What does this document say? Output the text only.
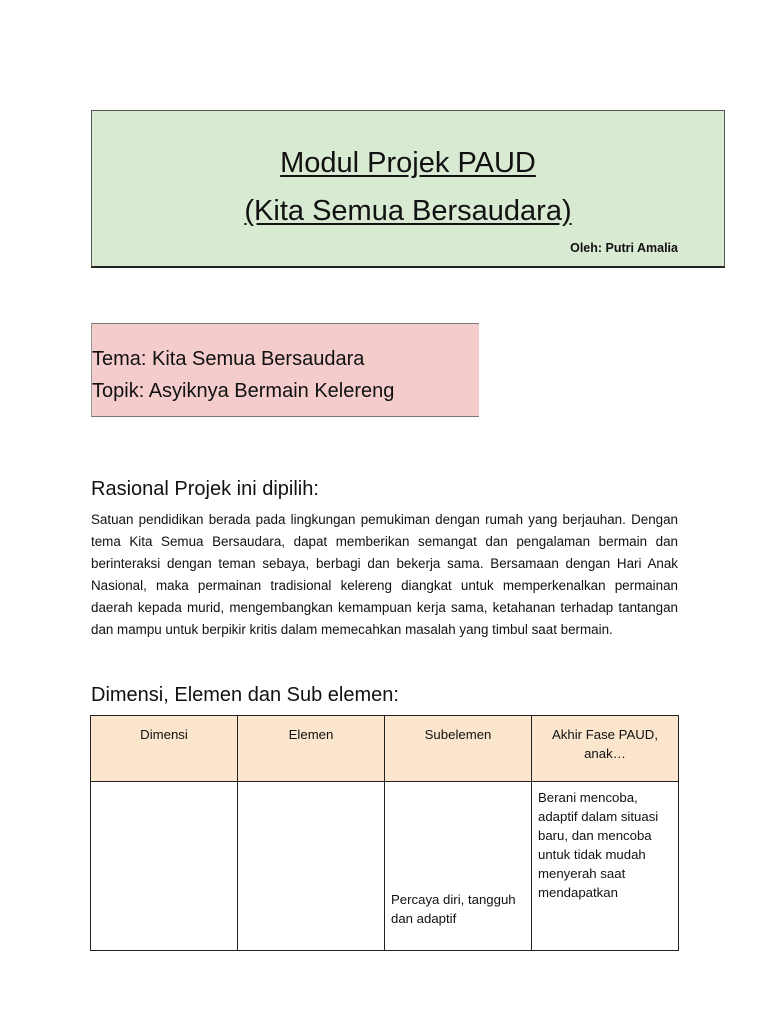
Modul Projek PAUD
(Kita Semua Bersaudara)
Oleh: Putri Amalia
Tema: Kita Semua Bersaudara
Topik: Asyiknya Bermain Kelereng
Rasional Projek ini dipilih:
Satuan pendidikan berada pada lingkungan pemukiman dengan rumah yang berjauhan. Dengan tema Kita Semua Bersaudara, dapat memberikan semangat dan pengalaman bermain dan berinteraksi dengan teman sebaya, berbagi dan bekerja sama. Bersamaan dengan Hari Anak Nasional, maka permainan tradisional kelereng diangkat untuk memperkenalkan permainan daerah kepada murid, mengembangkan kemampuan kerja sama, ketahanan terhadap tantangan dan mampu untuk berpikir kritis dalam memecahkan masalah yang timbul saat bermain.
Dimensi, Elemen dan Sub elemen:
Dimensi	Elemen	Subelemen	Akhir Fase PAUD, anak…
		Percaya diri, tangguh dan adaptif	Berani mencoba, adaptif dalam situasi baru, dan mencoba untuk tidak mudah menyerah saat mendapatkan
